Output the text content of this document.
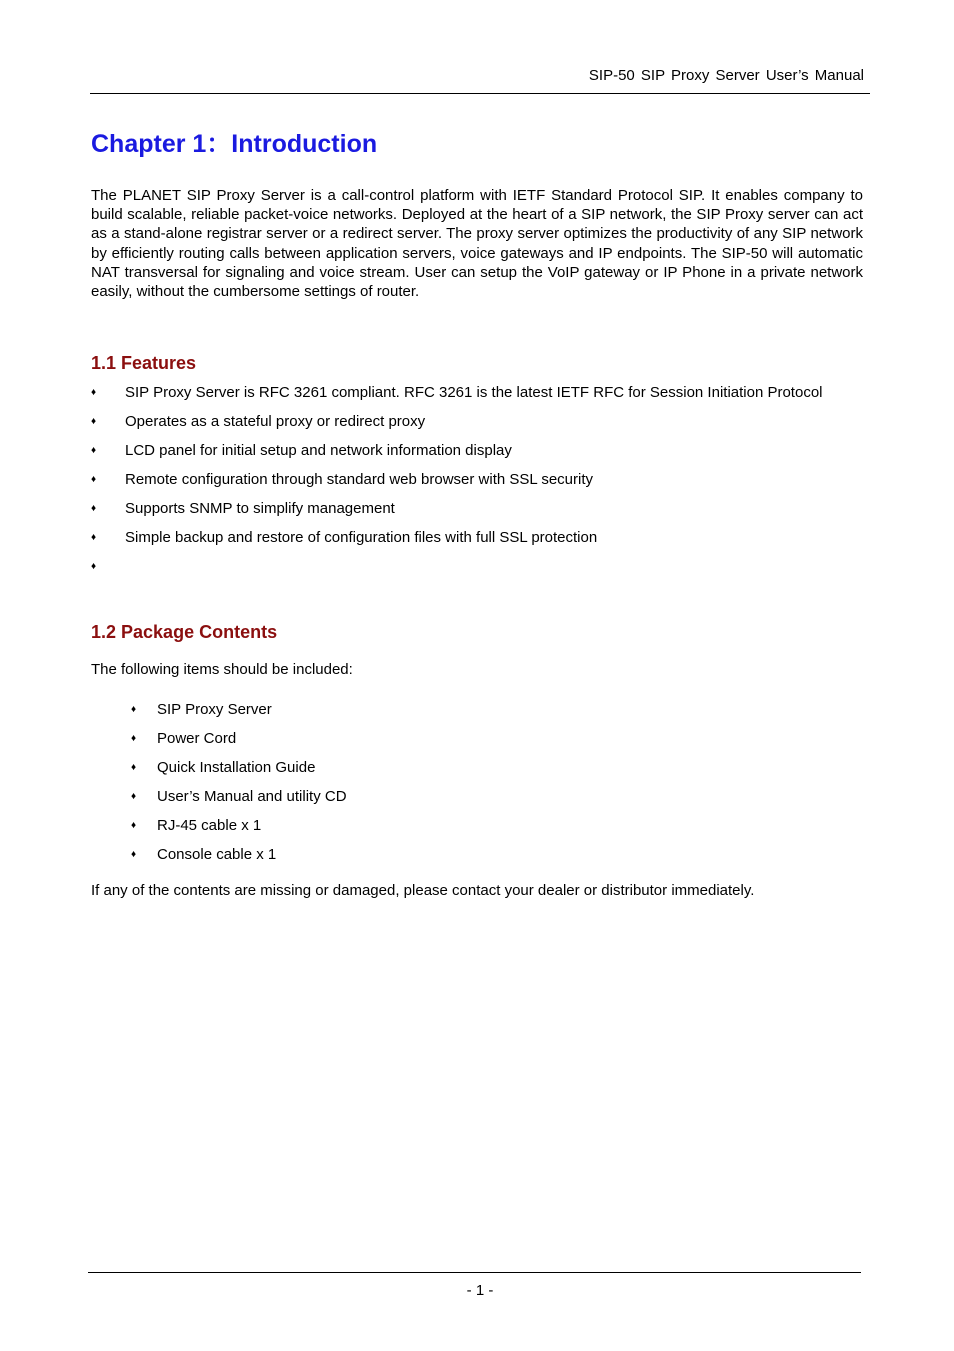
SIP-50 SIP Proxy Server User’s Manual
Chapter 1：Introduction

The PLANET SIP Proxy Server is a call-control platform with IETF Standard Protocol SIP. It enables company to build scalable, reliable packet-voice networks. Deployed at the heart of a SIP network, the SIP Proxy server can act as a stand-alone registrar server or a redirect server. The proxy server optimizes the productivity of any SIP network by efficiently routing calls between application servers, voice gateways and IP endpoints. The SIP-50 will automatic NAT transversal for signaling and voice stream. User can setup the VoIP gateway or IP Phone in a private network easily, without the cumbersome settings of router.

1.1 Features
♦ SIP Proxy Server is RFC 3261 compliant. RFC 3261 is the latest IETF RFC for Session Initiation Protocol
♦ Operates as a stateful proxy or redirect proxy
♦ LCD panel for initial setup and network information display
♦ Remote configuration through standard web browser with SSL security
♦ Supports SNMP to simplify management
♦ Simple backup and restore of configuration files with full SSL protection
♦
1.2 Package Contents

The following items should be included:

♦ SIP Proxy Server
♦ Power Cord
♦ Quick Installation Guide
♦ User’s Manual and utility CD
♦ RJ-45 cable x 1
♦ Console cable x 1

If any of the contents are missing or damaged, please contact your dealer or distributor immediately.

- 1 -
